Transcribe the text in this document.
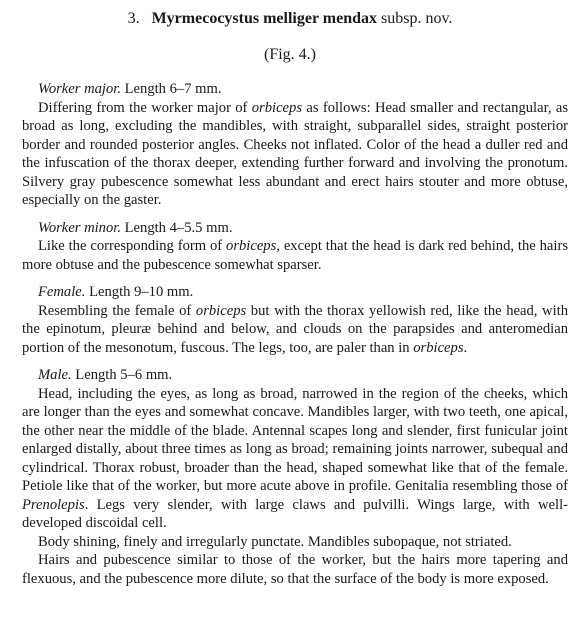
3. Myrmecocystus melliger mendax subsp. nov.
(Fig. 4.)
Worker major. Length 6–7 mm.

Differing from the worker major of orbiceps as follows: Head smaller and rectangular, as broad as long, excluding the mandibles, with straight, subparallel sides, straight posterior border and rounded posterior angles. Cheeks not inflated. Color of the head a duller red and the infuscation of the thorax deeper, extending further forward and involving the pronotum. Silvery gray pubescence somewhat less abundant and erect hairs stouter and more obtuse, especially on the gaster.

Worker minor. Length 4–5.5 mm.

Like the corresponding form of orbiceps, except that the head is dark red behind, the hairs more obtuse and the pubescence somewhat sparser.

Female. Length 9–10 mm.

Resembling the female of orbiceps but with the thorax yellowish red, like the head, with the epinotum, pleuræ behind and below, and clouds on the parapsides and anteromedian portion of the mesonotum, fuscous. The legs, too, are paler than in orbiceps.

Male. Length 5–6 mm.

Head, including the eyes, as long as broad, narrowed in the region of the cheeks, which are longer than the eyes and somewhat concave. Mandibles larger, with two teeth, one apical, the other near the middle of the blade. Antennal scapes long and slender, first funicular joint enlarged distally, about three times as long as broad; remaining joints narrower, subequal and cylindrical. Thorax robust, broader than the head, shaped somewhat like that of the female. Petiole like that of the worker, but more acute above in profile. Genitalia resembling those of Prenolepis. Legs very slender, with large claws and pulvilli. Wings large, with well-developed discoidal cell.

Body shining, finely and irregularly punctate. Mandibles subopaque, not striated.

Hairs and pubescence similar to those of the worker, but the hairs more tapering and flexuous, and the pubescence more dilute, so that the surface of the body is more exposed.
